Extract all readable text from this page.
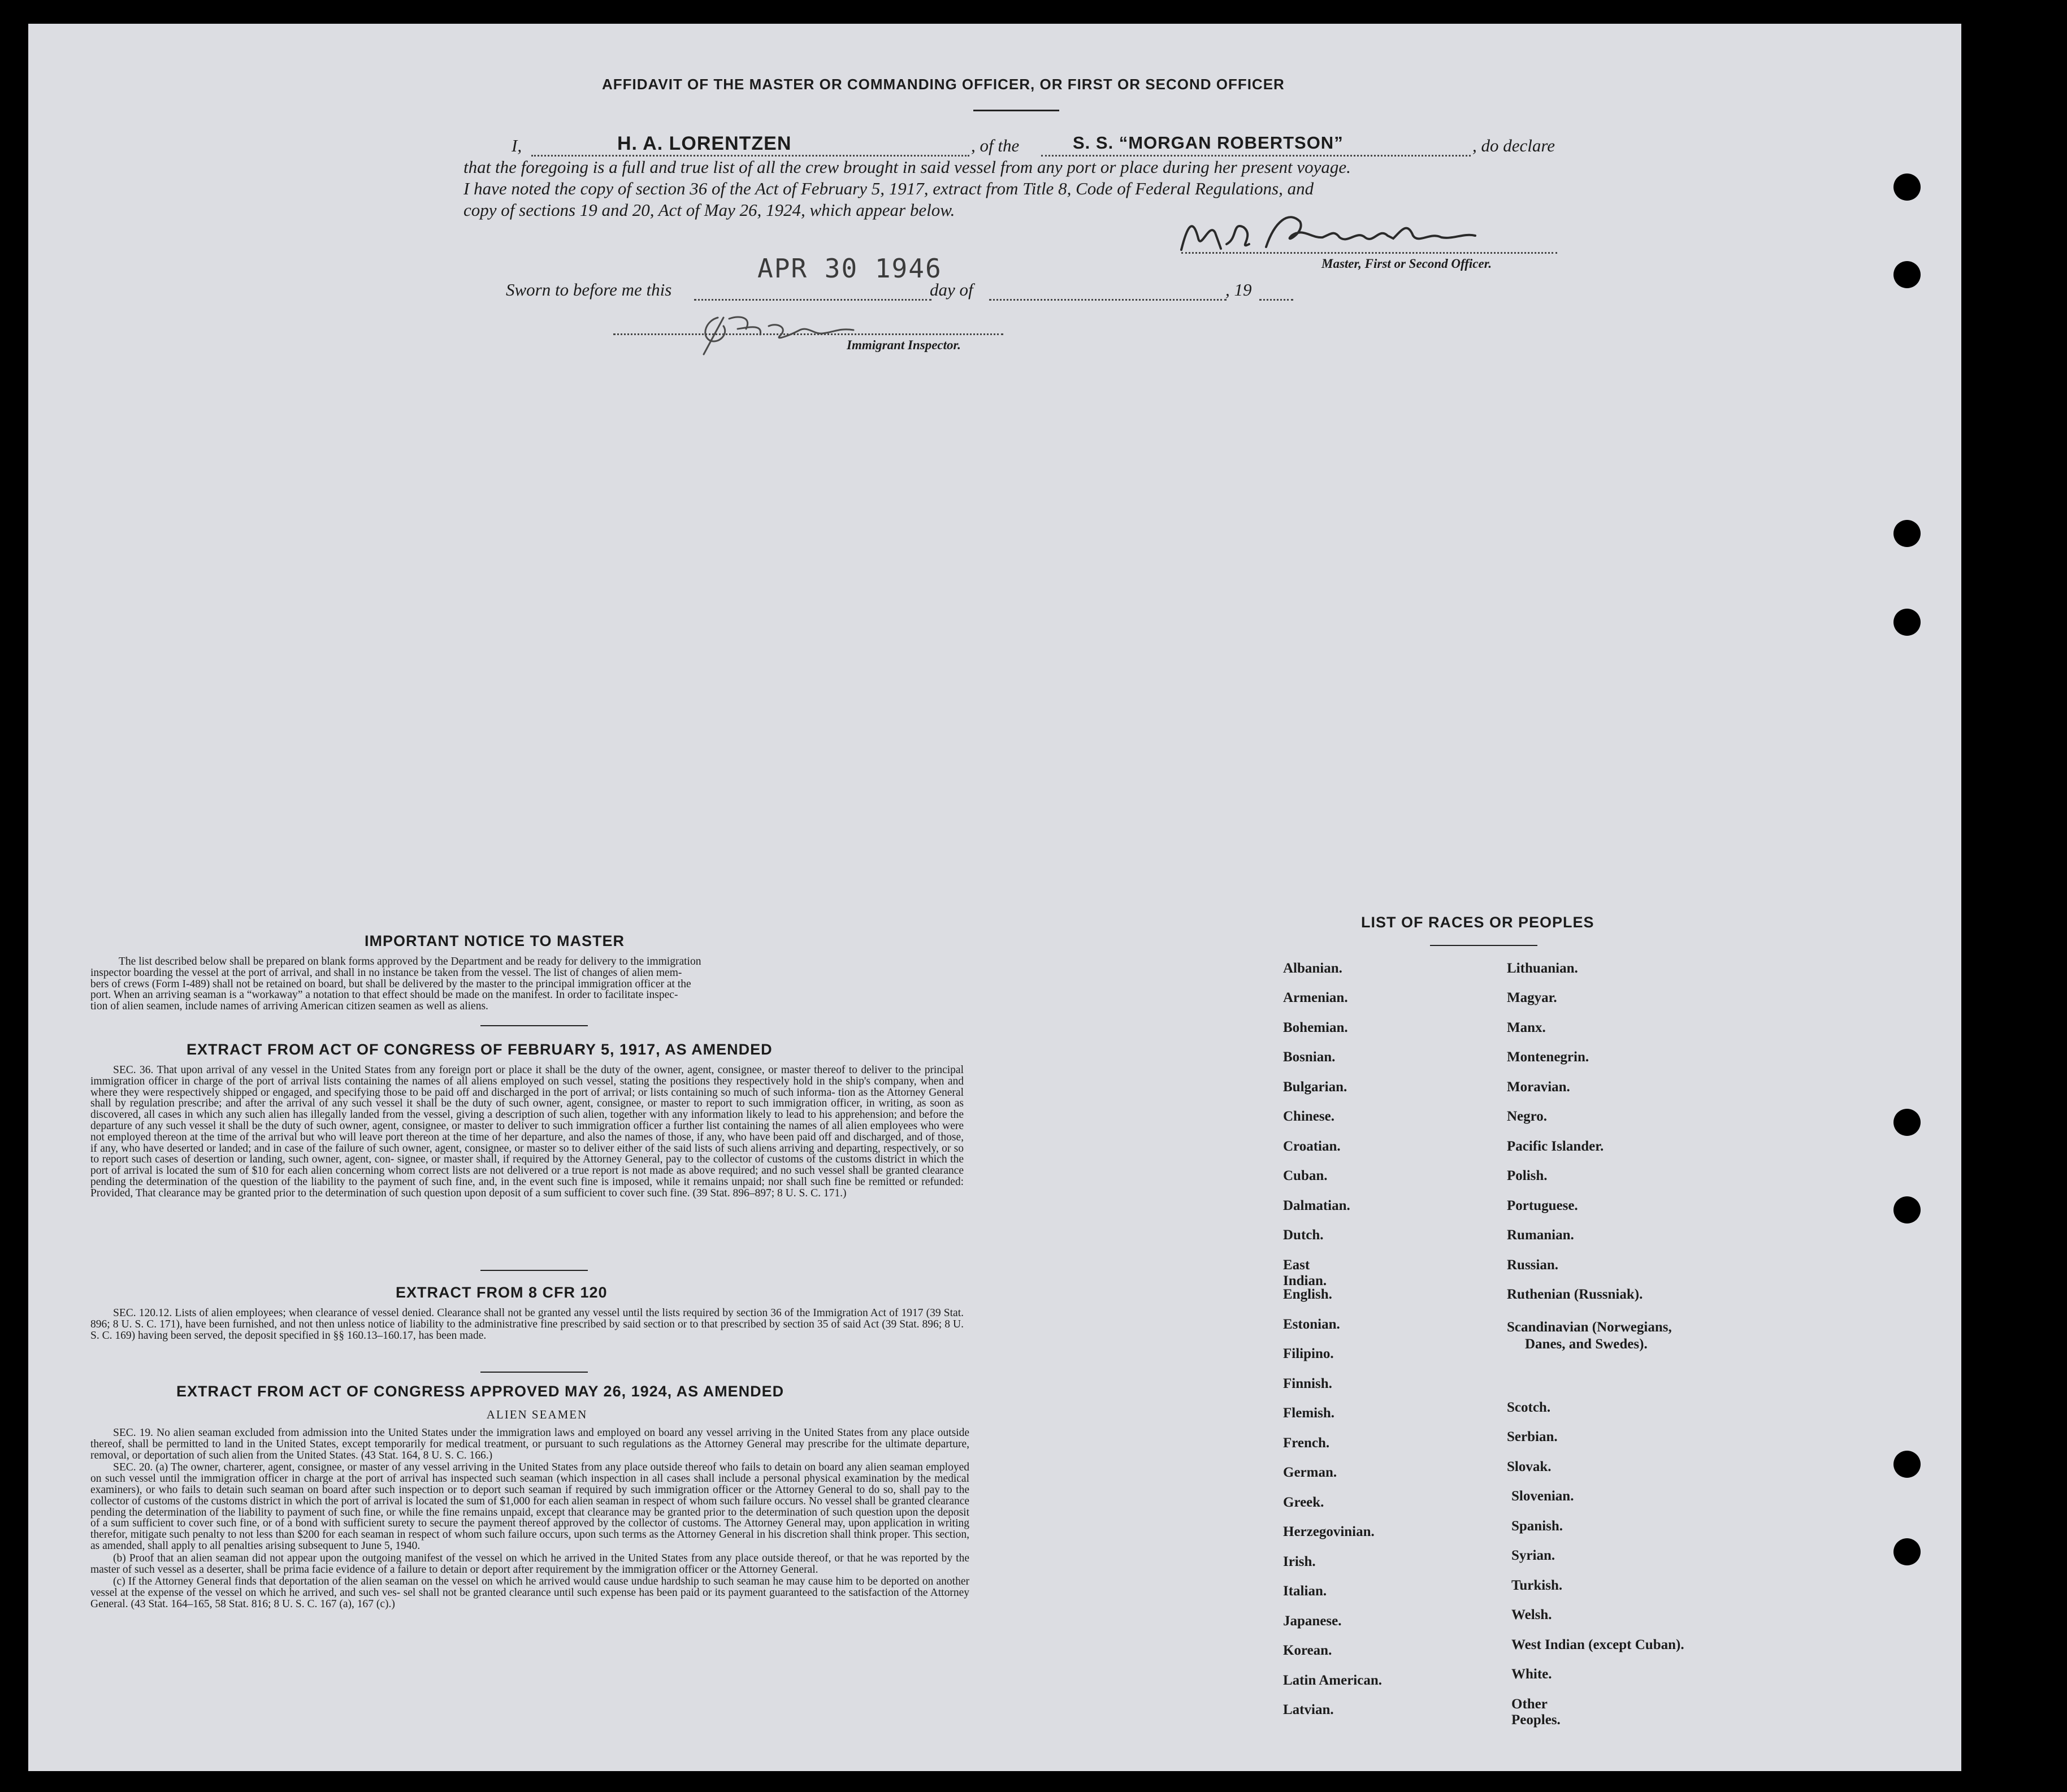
AFFIDAVIT OF THE MASTER OR COMMANDING OFFICER, OR FIRST OR SECOND OFFICER
I,	H. A. LORENTZEN	, of the	S. S. “MORGAN ROBERTSON”	, do declare
that the foregoing is a full and true list of all the crew brought in said vessel from any port or place during her present voyage.
I have noted the copy of section 36 of the Act of February 5, 1917, extract from Title 8, Code of Federal Regulations, and
copy of sections 19 and 20, Act of May 26, 1924, which appear below.
Master, First or Second Officer.
Sworn to before me this
APR 30 1946
day of	, 19
Immigrant Inspector.
IMPORTANT NOTICE TO MASTER
The list described below shall be prepared on blank forms approved by the Department and be ready for delivery to the immigration
inspector boarding the vessel at the port of arrival, and shall in no instance be taken from the vessel. The list of changes of alien mem-
bers of crews (Form I-489) shall not be retained on board, but shall be delivered by the master to the principal immigration officer at the
port. When an arriving seaman is a “workaway” a notation to that effect should be made on the manifest. In order to facilitate inspec-
tion of alien seamen, include names of arriving American citizen seamen as well as aliens.
EXTRACT FROM ACT OF CONGRESS OF FEBRUARY 5, 1917, AS AMENDED

SEC. 36. That upon arrival of any vessel in the United States from any foreign port or place it shall be the duty of the owner, agent, consignee, or master thereof to deliver to the principal immigration officer in charge of the port of arrival lists containing the names of all aliens employed on such vessel, stating the positions they respectively hold in the ship's company, when and where they were respectively shipped or engaged, and specifying those to be paid off and discharged in the port of arrival; or lists containing so much of such informa- tion as the Attorney General shall by regulation prescribe; and after the arrival of any such vessel it shall be the duty of such owner, agent, consignee, or master to report to such immigration officer, in writing, as soon as discovered, all cases in which any such alien has illegally landed from the vessel, giving a description of such alien, together with any information likely to lead to his apprehension; and before the departure of any such vessel it shall be the duty of such owner, agent, consignee, or master to deliver to such immigration officer a further list containing the names of all alien employees who were not employed thereon at the time of the arrival but who will leave port thereon at the time of her departure, and also the names of those, if any, who have been paid off and discharged, and of those, if any, who have deserted or landed; and in case of the failure of such owner, agent, consignee, or master so to deliver either of the said lists of such aliens arriving and departing, respectively, or so to report such cases of desertion or landing, such owner, agent, con- signee, or master shall, if required by the Attorney General, pay to the collector of customs of the customs district in which the port of arrival is located the sum of $10 for each alien concerning whom correct lists are not delivered or a true report is not made as above required; and no such vessel shall be granted clearance pending the determination of the question of the liability to the payment of such fine, and, in the event such fine is imposed, while it remains unpaid; nor shall such fine be remitted or refunded: Provided, That clearance may be granted prior to the determination of such question upon deposit of a sum sufficient to cover such fine. (39 Stat. 896–897; 8 U. S. C. 171.)

EXTRACT FROM 8 CFR 120

SEC. 120.12. Lists of alien employees; when clearance of vessel denied. Clearance shall not be granted any vessel until the lists required by section 36 of the Immigration Act of 1917 (39 Stat. 896; 8 U. S. C. 171), have been furnished, and not then unless notice of liability to the administrative fine prescribed by said section or to that prescribed by section 35 of said Act (39 Stat. 896; 8 U. S. C. 169) having been served, the deposit specified in §§ 160.13–160.17, has been made.

EXTRACT FROM ACT OF CONGRESS APPROVED MAY 26, 1924, AS AMENDED
ALIEN SEAMEN

SEC. 19. No alien seaman excluded from admission into the United States under the immigration laws and employed on board any vessel arriving in the United States from any place outside thereof, shall be permitted to land in the United States, except temporarily for medical treatment, or pursuant to such regulations as the Attorney General may prescribe for the ultimate departure, removal, or deportation of such alien from the United States. (43 Stat. 164, 8 U. S. C. 166.)

SEC. 20. (a) The owner, charterer, agent, consignee, or master of any vessel arriving in the United States from any place outside thereof who fails to detain on board any alien seaman employed on such vessel until the immigration officer in charge at the port of arrival has inspected such seaman (which inspection in all cases shall include a personal physical examination by the medical examiners), or who fails to detain such seaman on board after such inspection or to deport such seaman if required by such immigration officer or the Attorney General to do so, shall pay to the collector of customs of the customs district in which the port of arrival is located the sum of $1,000 for each alien seaman in respect of whom such failure occurs. No vessel shall be granted clearance pending the determination of the liability to payment of such fine, or while the fine remains unpaid, except that clearance may be granted prior to the determination of such question upon the deposit of a sum sufficient to cover such fine, or of a bond with sufficient surety to secure the payment thereof approved by the collector of customs. The Attorney General may, upon application in writing therefor, mitigate such penalty to not less than $200 for each seaman in respect of whom such failure occurs, upon such terms as the Attorney General in his discretion shall think proper. This section, as amended, shall apply to all penalties arising subsequent to June 5, 1940.

(b) Proof that an alien seaman did not appear upon the outgoing manifest of the vessel on which he arrived in the United States from any place outside thereof, or that he was reported by the master of such vessel as a deserter, shall be prima facie evidence of a failure to detain or deport after requirement by the immigration officer or the Attorney General.

(c) If the Attorney General finds that deportation of the alien seaman on the vessel on which he arrived would cause undue hardship to such seaman he may cause him to be deported on another vessel at the expense of the vessel on which he arrived, and such ves- sel shall not be granted clearance until such expense has been paid or its payment guaranteed to the satisfaction of the Attorney General. (43 Stat. 164–165, 58 Stat. 816; 8 U. S. C. 167 (a), 167 (c).)

LIST OF RACES OR PEOPLES
Albanian.
Armenian.
Bohemian.
Bosnian.
Bulgarian.
Chinese.
Croatian.
Cuban.
Dalmatian.
Dutch.
East Indian.
English.
Estonian.
Filipino.
Finnish.
Flemish.
French.
German.
Greek.
Herzegovinian.
Irish.
Italian.
Japanese.
Korean.
Latin American.
Latvian.
Lithuanian.
Magyar.
Manx.
Montenegrin.
Moravian.
Negro.
Pacific Islander.
Polish.
Portuguese.
Rumanian.
Russian.
Ruthenian (Russniak).
Scandinavian (Norwegians,
Danes, and Swedes).
Scotch.
Serbian.
Slovak.
Slovenian.
Spanish.
Syrian.
Turkish.
Welsh.
West Indian (except Cuban).
White.
Other Peoples.
